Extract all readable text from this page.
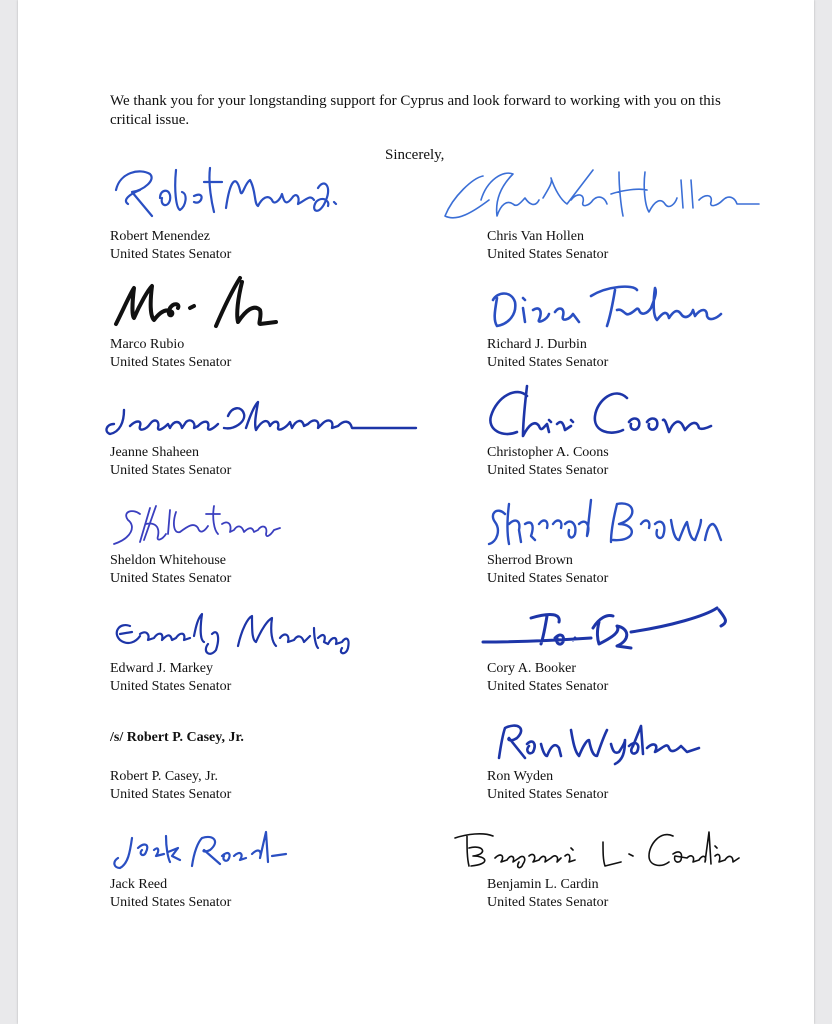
We thank you for your longstanding support for Cyprus and look forward to working with you on this critical issue.

Sincerely,
Robert Menendez
United States Senator
Chris Van Hollen
United States Senator
Marco Rubio
United States Senator
Richard J. Durbin
United States Senator
Jeanne Shaheen
United States Senator
Christopher A. Coons
United States Senator
Sheldon Whitehouse
United States Senator
Sherrod Brown
United States Senator
Edward J. Markey
United States Senator
Cory A. Booker
United States Senator
/s/ Robert P. Casey, Jr.
Robert P. Casey, Jr.
United States Senator
Ron Wyden
United States Senator
Jack Reed
United States Senator
Benjamin L. Cardin
United States Senator
